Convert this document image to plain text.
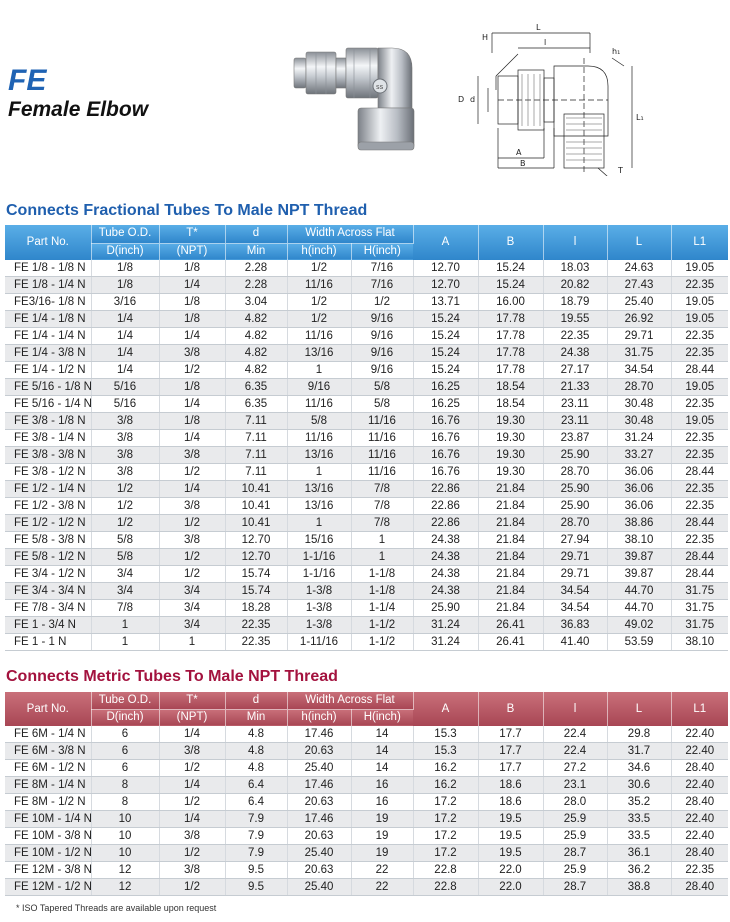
FE
Female Elbow
ss
L
H
l
h₁
D d
A
B
L₁
T
Connects Fractional Tubes To Male NPT Thread
Part No.	Tube O.D.	T*	d	Width Across Flat		A	B	l	L	L1
	D(inch)	(NPT)	Min	h(inch)	H(inch)					
FE 1/8 - 1/8 N	1/8	1/8	2.28	1/2	7/16	12.70	15.24	18.03	24.63	19.05
FE 1/8 - 1/4 N	1/8	1/4	2.28	11/16	7/16	12.70	15.24	20.82	27.43	22.35
FE3/16- 1/8 N	3/16	1/8	3.04	1/2	1/2	13.71	16.00	18.79	25.40	19.05
FE 1/4 - 1/8 N	1/4	1/8	4.82	1/2	9/16	15.24	17.78	19.55	26.92	19.05
FE 1/4 - 1/4 N	1/4	1/4	4.82	11/16	9/16	15.24	17.78	22.35	29.71	22.35
FE 1/4 - 3/8 N	1/4	3/8	4.82	13/16	9/16	15.24	17.78	24.38	31.75	22.35
FE 1/4 - 1/2 N	1/4	1/2	4.82	1	9/16	15.24	17.78	27.17	34.54	28.44
FE 5/16 - 1/8 N	5/16	1/8	6.35	9/16	5/8	16.25	18.54	21.33	28.70	19.05
FE 5/16 - 1/4 N	5/16	1/4	6.35	11/16	5/8	16.25	18.54	23.11	30.48	22.35
FE 3/8 - 1/8 N	3/8	1/8	7.11	5/8	11/16	16.76	19.30	23.11	30.48	19.05
FE 3/8 - 1/4 N	3/8	1/4	7.11	11/16	11/16	16.76	19.30	23.87	31.24	22.35
FE 3/8 - 3/8 N	3/8	3/8	7.11	13/16	11/16	16.76	19.30	25.90	33.27	22.35
FE 3/8 - 1/2 N	3/8	1/2	7.11	1	11/16	16.76	19.30	28.70	36.06	28.44
FE 1/2 - 1/4 N	1/2	1/4	10.41	13/16	7/8	22.86	21.84	25.90	36.06	22.35
FE 1/2 - 3/8 N	1/2	3/8	10.41	13/16	7/8	22.86	21.84	25.90	36.06	22.35
FE 1/2 - 1/2 N	1/2	1/2	10.41	1	7/8	22.86	21.84	28.70	38.86	28.44
FE 5/8 - 3/8 N	5/8	3/8	12.70	15/16	1	24.38	21.84	27.94	38.10	22.35
FE 5/8 - 1/2 N	5/8	1/2	12.70	1-1/16	1	24.38	21.84	29.71	39.87	28.44
FE 3/4 - 1/2 N	3/4	1/2	15.74	1-1/16	1-1/8	24.38	21.84	29.71	39.87	28.44
FE 3/4 - 3/4 N	3/4	3/4	15.74	1-3/8	1-1/8	24.38	21.84	34.54	44.70	31.75
FE 7/8 - 3/4 N	7/8	3/4	18.28	1-3/8	1-1/4	25.90	21.84	34.54	44.70	31.75
FE 1 - 3/4 N	1	3/4	22.35	1-3/8	1-1/2	31.24	26.41	36.83	49.02	31.75
FE 1 - 1 N	1	1	22.35	1-11/16	1-1/2	31.24	26.41	41.40	53.59	38.10
Connects Metric Tubes To Male NPT Thread
Part No.	Tube O.D.	T*	d	Width Across Flat		A	B	l	L	L1
	D(inch)	(NPT)	Min	h(inch)	H(inch)					
FE 6M - 1/4 N	6	1/4	4.8	17.46	14	15.3	17.7	22.4	29.8	22.40
FE 6M - 3/8 N	6	3/8	4.8	20.63	14	15.3	17.7	22.4	31.7	22.40
FE 6M - 1/2 N	6	1/2	4.8	25.40	14	16.2	17.7	27.2	34.6	28.40
FE 8M - 1/4 N	8	1/4	6.4	17.46	16	16.2	18.6	23.1	30.6	22.40
FE 8M - 1/2 N	8	1/2	6.4	20.63	16	17.2	18.6	28.0	35.2	28.40
FE 10M - 1/4 N	10	1/4	7.9	17.46	19	17.2	19.5	25.9	33.5	22.40
FE 10M - 3/8 N	10	3/8	7.9	20.63	19	17.2	19.5	25.9	33.5	22.40
FE 10M - 1/2 N	10	1/2	7.9	25.40	19	17.2	19.5	28.7	36.1	28.40
FE 12M - 3/8 N	12	3/8	9.5	20.63	22	22.8	22.0	25.9	36.2	22.35
FE 12M - 1/2 N	12	1/2	9.5	25.40	22	22.8	22.0	28.7	38.8	28.40
* ISO Tapered Threads are available upon request
